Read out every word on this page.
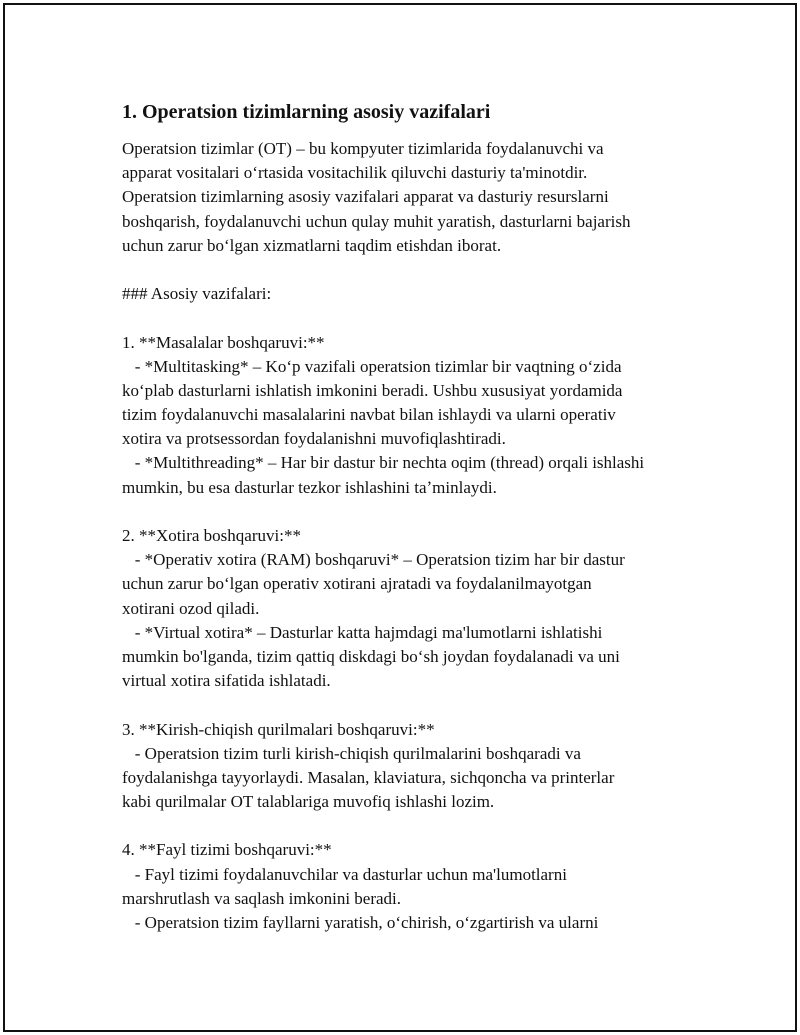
1. Operatsion tizimlarning asosiy vazifalari

Operatsion tizimlar (OT) – bu kompyuter tizimlarida foydalanuvchi va

apparat vositalari oʻrtasida vositachilik qiluvchi dasturiy ta'minotdir.

Operatsion tizimlarning asosiy vazifalari apparat va dasturiy resurslarni

boshqarish, foydalanuvchi uchun qulay muhit yaratish, dasturlarni bajarish

uchun zarur boʻlgan xizmatlarni taqdim etishdan iborat.

### Asosiy vazifalari:

1. **Masalalar boshqaruvi:**

- *Multitasking* – Koʻp vazifali operatsion tizimlar bir vaqtning oʻzida

koʻplab dasturlarni ishlatish imkonini beradi. Ushbu xususiyat yordamida

tizim foydalanuvchi masalalarini navbat bilan ishlaydi va ularni operativ

xotira va protsessordan foydalanishni muvofiqlashtiradi.

- *Multithreading* – Har bir dastur bir nechta oqim (thread) orqali ishlashi

mumkin, bu esa dasturlar tezkor ishlashini taʼminlaydi.

2. **Xotira boshqaruvi:**

- *Operativ xotira (RAM) boshqaruvi* – Operatsion tizim har bir dastur

uchun zarur boʻlgan operativ xotirani ajratadi va foydalanilmayotgan

xotirani ozod qiladi.

- *Virtual xotira* – Dasturlar katta hajmdagi ma'lumotlarni ishlatishi

mumkin bo'lganda, tizim qattiq diskdagi boʻsh joydan foydalanadi va uni

virtual xotira sifatida ishlatadi.

3. **Kirish-chiqish qurilmalari boshqaruvi:**

- Operatsion tizim turli kirish-chiqish qurilmalarini boshqaradi va

foydalanishga tayyorlaydi. Masalan, klaviatura, sichqoncha va printerlar

kabi qurilmalar OT talablariga muvofiq ishlashi lozim.

4. **Fayl tizimi boshqaruvi:**

- Fayl tizimi foydalanuvchilar va dasturlar uchun ma'lumotlarni

marshrutlash va saqlash imkonini beradi.

- Operatsion tizim fayllarni yaratish, oʻchirish, oʻzgartirish va ularni
